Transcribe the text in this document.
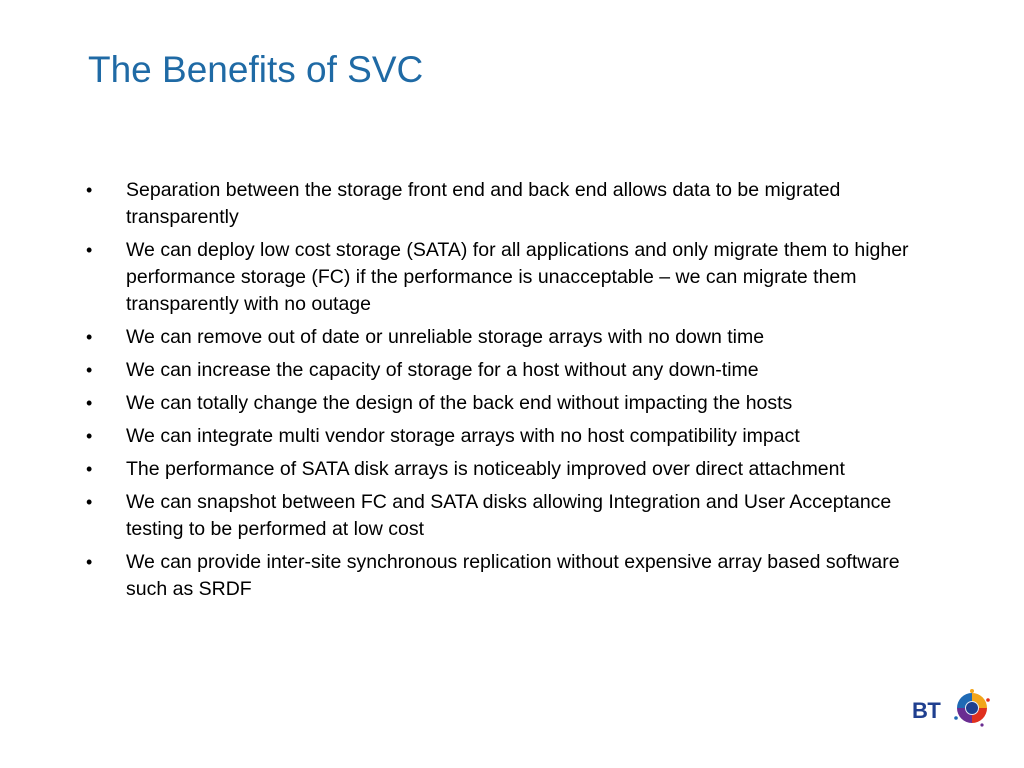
The Benefits of SVC
•	Separation between the storage front end and back end allows data to be migrated transparently
•	We can deploy low cost storage (SATA) for all applications and only migrate them to higher performance storage (FC) if the performance is unacceptable – we can migrate them transparently with no outage
•	We can remove out of date or unreliable storage arrays with no down time
•	We can increase the capacity of storage for a host without any down-time
•	We can totally change the design of the back end without impacting the hosts
•	We can integrate multi vendor storage arrays with no host compatibility impact
•	The performance of SATA disk arrays is noticeably improved over direct attachment
•	We can snapshot between FC and SATA disks allowing Integration and User Acceptance testing to be performed at low cost
•	We can provide inter-site synchronous replication without expensive array based software such as SRDF
BT
